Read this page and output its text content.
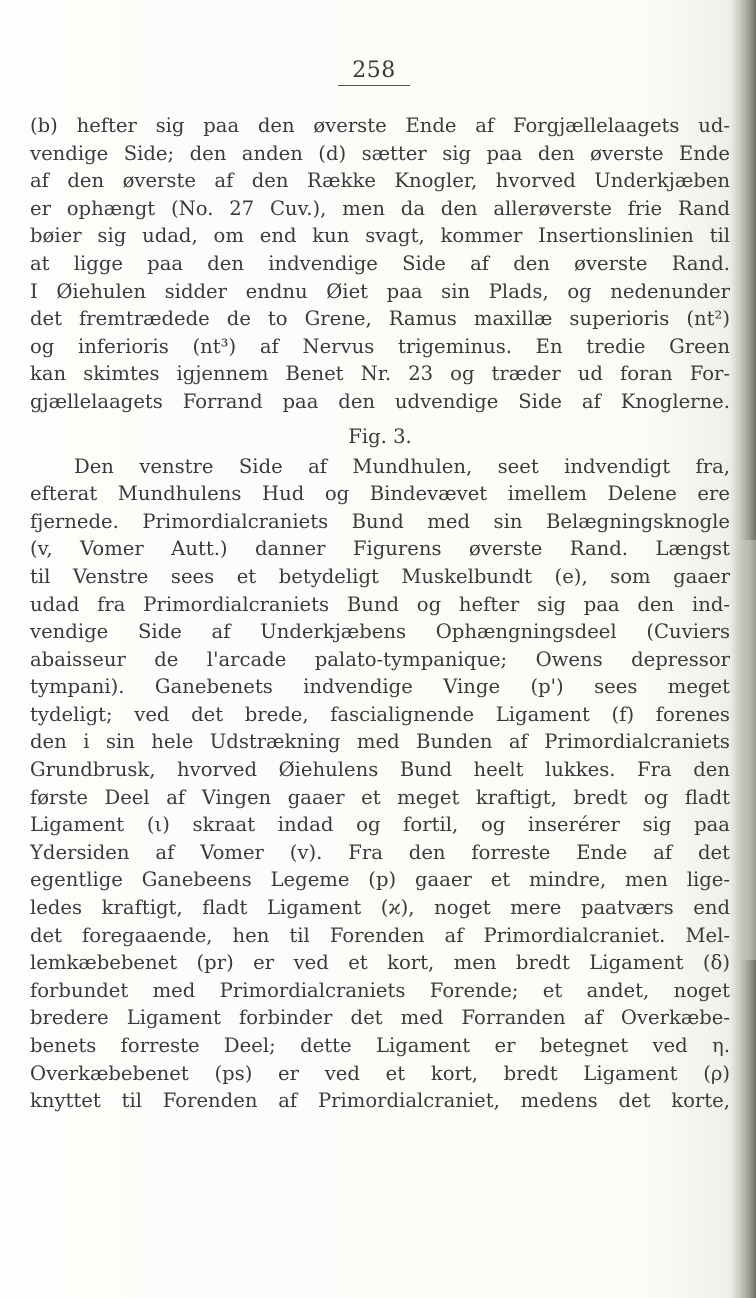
258
(b) hefter sig paa den øverste Ende af Forgjællelaagets ud-
vendige Side; den anden (d) sætter sig paa den øverste Ende
af den øverste af den Række Knogler, hvorved Underkjæben
er ophængt (No. 27 Cuv.), men da den allerøverste frie Rand
bøier sig udad, om end kun svagt, kommer Insertionslinien til
at ligge paa den indvendige Side af den øverste Rand.
I Øiehulen sidder endnu Øiet paa sin Plads, og nedenunder
det fremtrædede de to Grene, Ramus maxillæ superioris (nt²)
og inferioris (nt³) af Nervus trigeminus. En tredie Green
kan skimtes igjennem Benet Nr. 23 og træder ud foran For-
gjællelaagets Forrand paa den udvendige Side af Knoglerne.
Fig. 3.
Den venstre Side af Mundhulen, seet indvendigt fra,
efterat Mundhulens Hud og Bindevævet imellem Delene ere
fjernede. Primordialcraniets Bund med sin Belægningsknogle
(v, Vomer Autt.) danner Figurens øverste Rand. Længst
til Venstre sees et betydeligt Muskelbundt (e), som gaaer
udad fra Primordialcraniets Bund og hefter sig paa den ind-
vendige Side af Underkjæbens Ophængningsdeel (Cuviers
abaisseur de l'arcade palato-tympanique; Owens depressor
tympani). Ganebenets indvendige Vinge (p') sees meget
tydeligt; ved det brede, fascialignende Ligament (f) forenes
den i sin hele Udstrækning med Bunden af Primordialcraniets
Grundbrusk, hvorved Øiehulens Bund heelt lukkes. Fra den
første Deel af Vingen gaaer et meget kraftigt, bredt og fladt
Ligament (ι) skraat indad og fortil, og inserérer sig paa
Ydersiden af Vomer (v). Fra den forreste Ende af det
egentlige Ganebeens Legeme (p) gaaer et mindre, men lige-
ledes kraftigt, fladt Ligament (ϰ), noget mere paatværs end
det foregaaende, hen til Forenden af Primordialcraniet. Mel-
lemkæbebenet (pr) er ved et kort, men bredt Ligament (δ)
forbundet med Primordialcraniets Forende; et andet, noget
bredere Ligament forbinder det med Forranden af Overkæbe-
benets forreste Deel; dette Ligament er betegnet ved η.
Overkæbebenet (ps) er ved et kort, bredt Ligament (ρ)
knyttet til Forenden af Primordialcraniet, medens det korte,
